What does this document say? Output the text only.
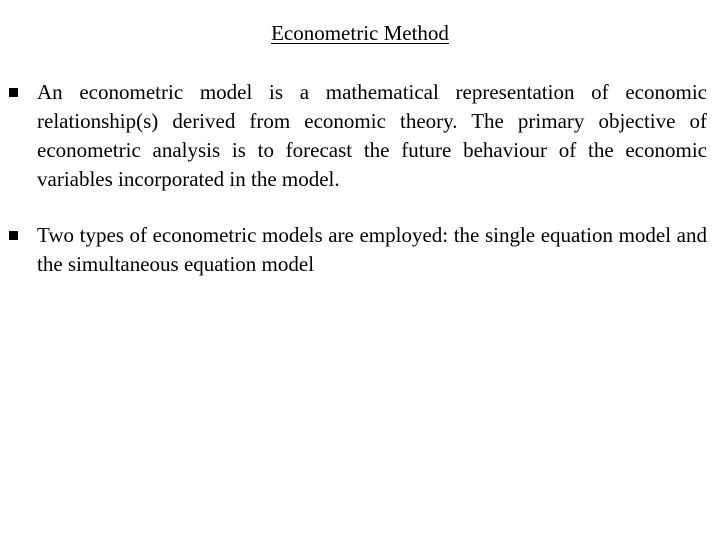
Econometric Method
An econometric model is a mathematical representation of economic relationship(s) derived from economic theory. The primary objective of econometric analysis is to forecast the future behaviour of the economic variables incorporated in the model.
Two types of econometric models are employed: the single equation model and the simultaneous equation model
